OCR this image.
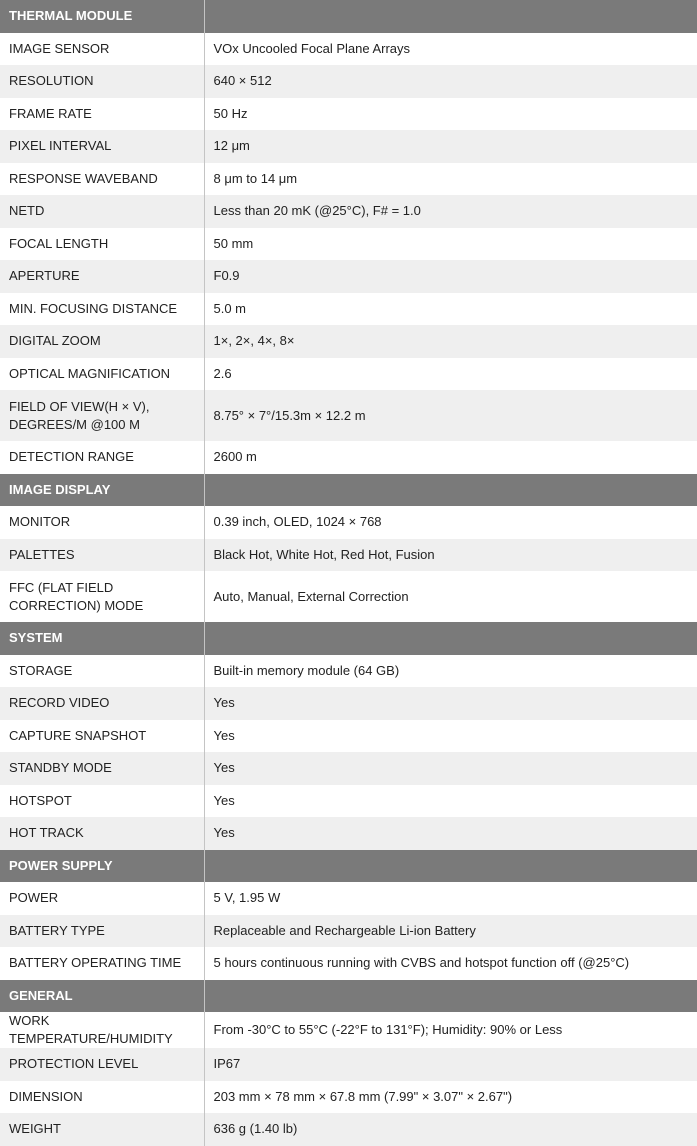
THERMAL MODULE	
IMAGE SENSOR	VOx Uncooled Focal Plane Arrays
RESOLUTION	640 × 512
FRAME RATE	50 Hz
PIXEL INTERVAL	12 μm
RESPONSE WAVEBAND	8 μm to 14 μm
NETD	Less than 20 mK (@25°C), F# = 1.0
FOCAL LENGTH	50 mm
APERTURE	F0.9
MIN. FOCUSING DISTANCE	5.0 m
DIGITAL ZOOM	1×, 2×, 4×, 8×
OPTICAL MAGNIFICATION	2.6
FIELD OF VIEW(H × V), DEGREES/M @100 M	8.75° × 7°/15.3m × 12.2 m
DETECTION RANGE	2600 m
IMAGE DISPLAY	
MONITOR	0.39 inch, OLED, 1024 × 768
PALETTES	Black Hot, White Hot, Red Hot, Fusion
FFC (FLAT FIELD CORRECTION) MODE	Auto, Manual, External Correction
SYSTEM	
STORAGE	Built-in memory module (64 GB)
RECORD VIDEO	Yes
CAPTURE SNAPSHOT	Yes
STANDBY MODE	Yes
HOTSPOT	Yes
HOT TRACK	Yes
POWER SUPPLY	
POWER	5 V, 1.95 W
BATTERY TYPE	Replaceable and Rechargeable Li-ion Battery
BATTERY OPERATING TIME	5 hours continuous running with CVBS and hotspot function off (@25°C)
GENERAL	
WORK TEMPERATURE/HUMIDITY	From -30°C to 55°C (-22°F to 131°F); Humidity: 90% or Less
PROTECTION LEVEL	IP67
DIMENSION	203 mm × 78 mm × 67.8 mm (7.99" × 3.07" × 2.67")
WEIGHT	636 g (1.40 lb)
